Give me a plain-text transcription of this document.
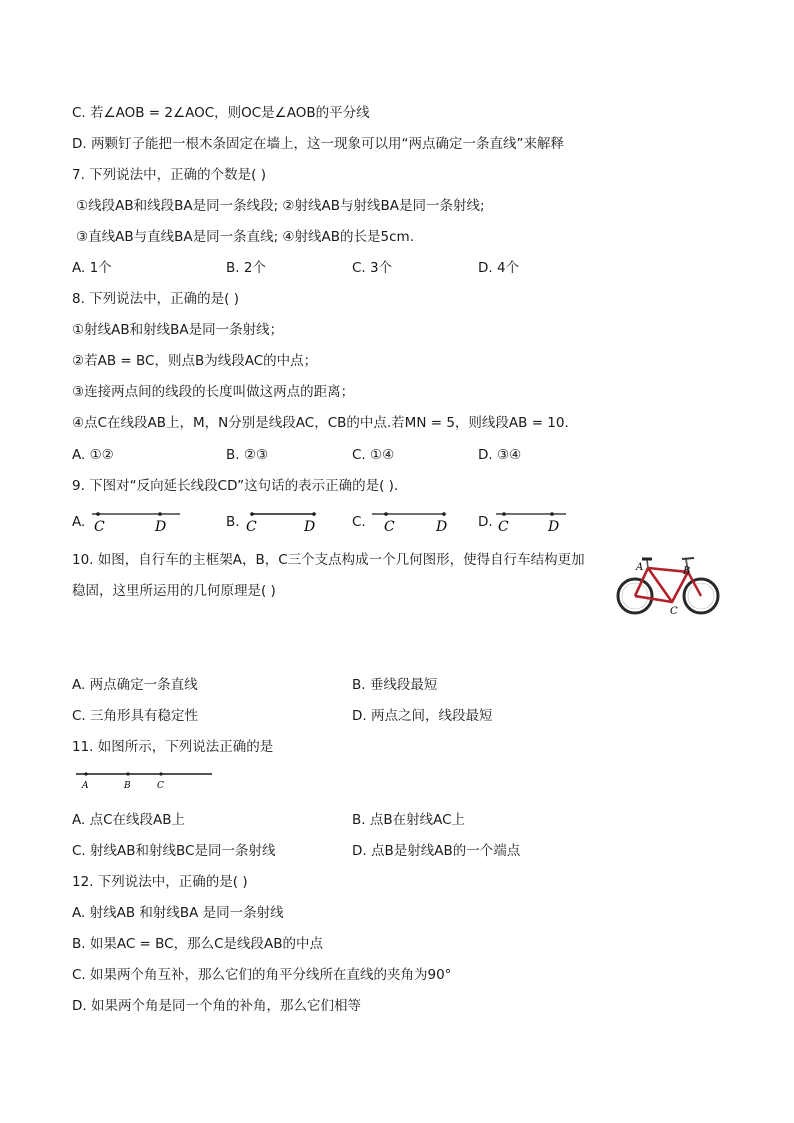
C. 若∠AOB = 2∠AOC，则OC是∠AOB的平分线
D. 两颗钉子能把一根木条固定在墙上，这一现象可以用“两点确定一条直线”来解释
7. 下列说法中，正确的个数是( )
①线段AB和线段BA是同一条线段; ②射线AB与射线BA是同一条射线;
③直线AB与直线BA是同一条直线; ④射线AB的长是5cm.
A. 1个	B. 2个	C. 3个	D. 4个
8. 下列说法中，正确的是( )
①射线AB和射线BA是同一条射线；
②若AB = BC，则点B为线段AC的中点；
③连接两点间的线段的长度叫做这两点的距离；
④点C在线段AB上，M，N分别是线段AC，CB的中点.若MN = 5，则线段AB = 10.
A. ①②	B. ②③	C. ①④	D. ③④
9. 下图对“反向延长线段CD”这句话的表示正确的是( ).
A. C	D	B. C	D	C. C	D D. C	D
10. 如图，自行车的主框架A，B，C三个支点构成一个几何图形，使得自行车结构更加
稳固，这里所运用的几何原理是( )
A	B
C
A. 两点确定一条直线	B. 垂线段最短
C. 三角形具有稳定性	D. 两点之间，线段最短
11. 如图所示，下列说法正确的是
A	B	C
A. 点C在线段AB上	B. 点B在射线AC上
C. 射线AB和射线BC是同一条射线	D. 点B是射线AB的一个端点
12. 下列说法中，正确的是( )
A. 射线AB 和射线BA 是同一条射线
B. 如果AC = BC，那么C是线段AB的中点
C. 如果两个角互补，那么它们的角平分线所在直线的夹角为90°
D. 如果两个角是同一个角的补角，那么它们相等
